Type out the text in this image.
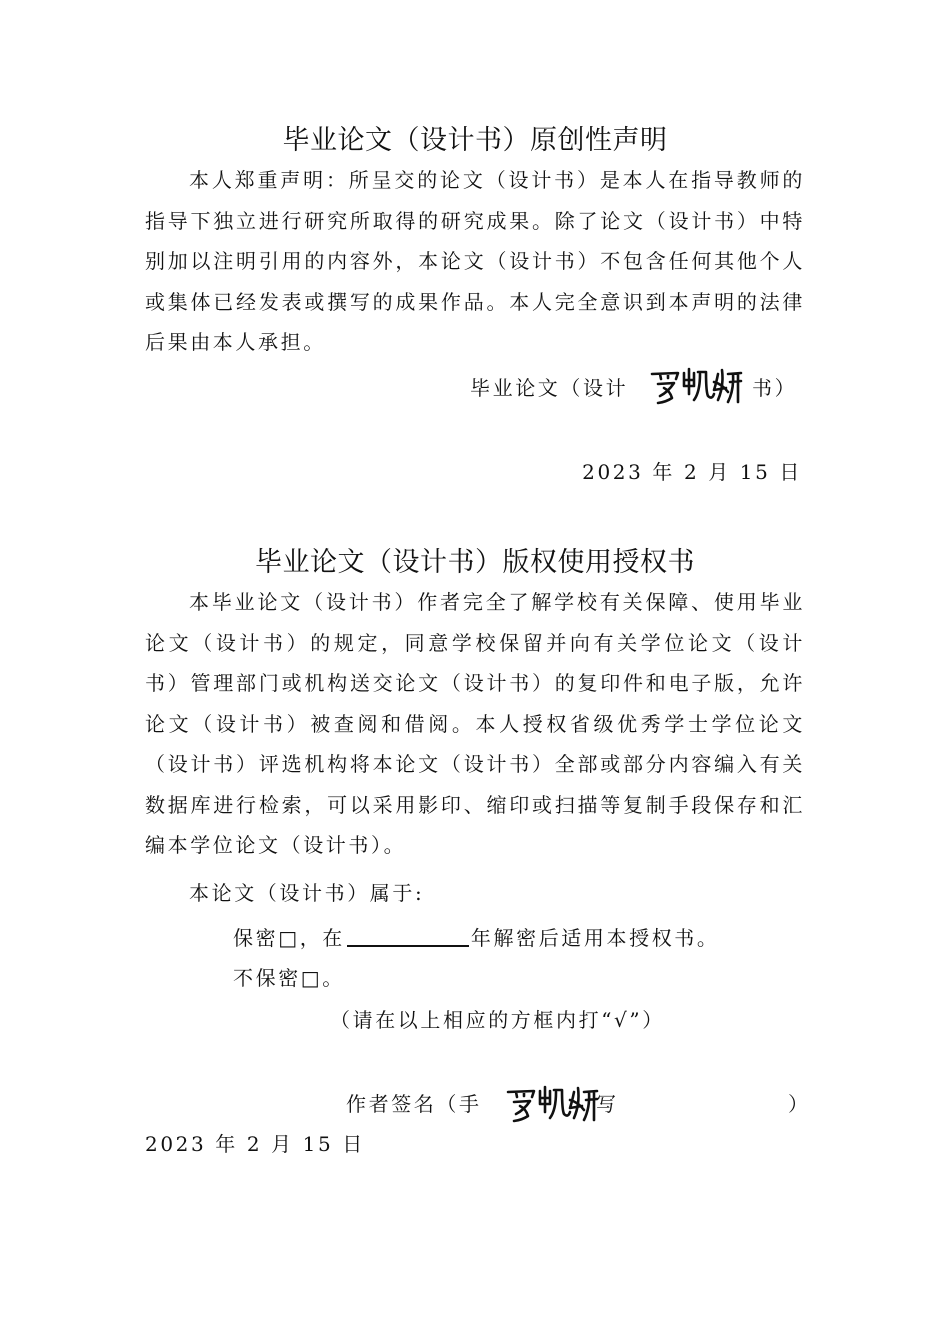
毕业论文（设计书）原创性声明

本人郑重声明：所呈交的论文（设计书）是本人在指导教师的指导下独立进行研究所取得的研究成果。除了论文（设计书）中特别加以注明引用的内容外，本论文（设计书）不包含任何其他个人或集体已经发表或撰写的成果作品。本人完全意识到本声明的法律后果由本人承担。

毕业论文（设计	书）
2023 年 2 月 15 日
毕业论文（设计书）版权使用授权书

本毕业论文（设计书）作者完全了解学校有关保障、使用毕业论文（设计书）的规定，同意学校保留并向有关学位论文（设计书）管理部门或机构送交论文（设计书）的复印件和电子版，允许论文（设计书）被查阅和借阅。本人授权省级优秀学士学位论文（设计书）评选机构将本论文（设计书）全部或部分内容编入有关数据库进行检索，可以采用影印、缩印或扫描等复制手段保存和汇编本学位论文（设计书）。

本论文（设计书）属于:
保密□，在	年解密后适用本授权书。
不保密□。
（请在以上相应的方框内打“√”）
作者签名（手	写	）
2023 年 2 月 15 日
